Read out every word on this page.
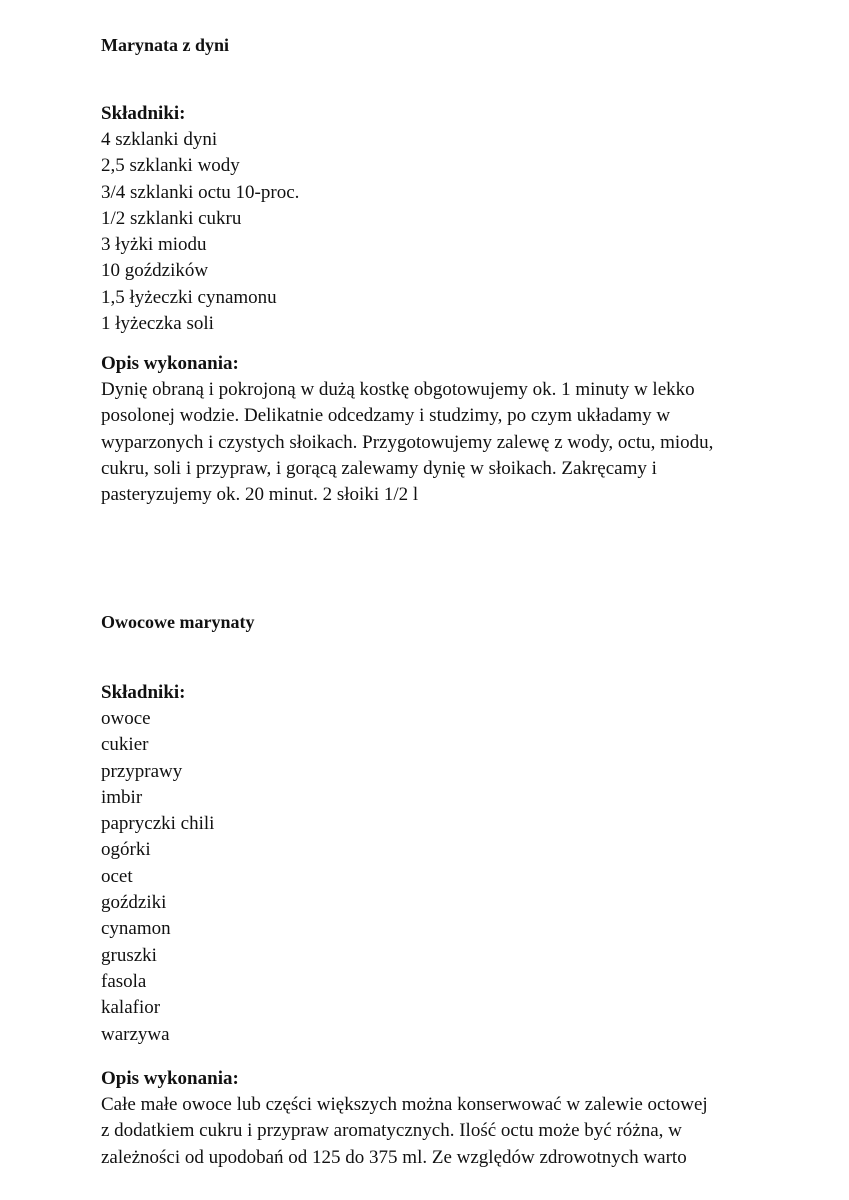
Marynata z dyni
Składniki:
4 szklanki dyni
2,5 szklanki wody
3/4 szklanki octu 10-proc.
1/2 szklanki cukru
3 łyżki miodu
10 goździków
1,5 łyżeczki cynamonu
1 łyżeczka soli
Opis wykonania:

Dynię obraną i pokrojoną w dużą kostkę obgotowujemy ok. 1 minuty w lekko
posolonej wodzie. Delikatnie odcedzamy i studzimy, po czym układamy w
wyparzonych i czystych słoikach. Przygotowujemy zalewę z wody, octu, miodu,
cukru, soli i przypraw, i gorącą zalewamy dynię w słoikach. Zakręcamy i
pasteryzujemy ok. 20 minut. 2 słoiki 1/2 l

Owocowe marynaty
Składniki:
owoce
cukier
przyprawy
imbir
papryczki chili
ogórki
ocet
goździki
cynamon
gruszki
fasola
kalafior
warzywa
Opis wykonania:

Całe małe owoce lub części większych można konserwować w zalewie octowej
z dodatkiem cukru i przypraw aromatycznych. Ilość octu może być różna, w
zależności od upodobań od 125 do 375 ml. Ze względów zdrowotnych warto
